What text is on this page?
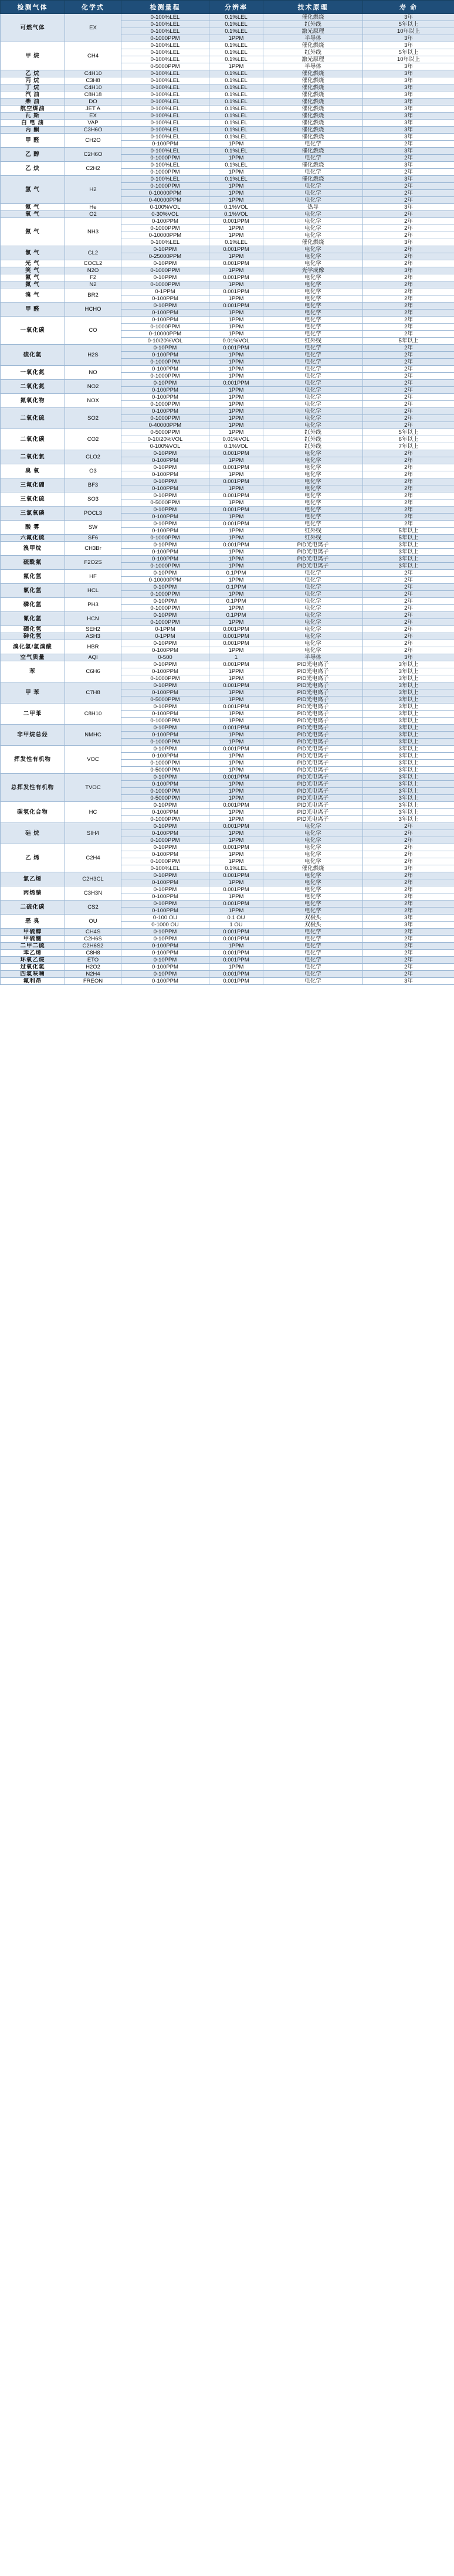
检测气体	化学式	检测量程	分辨率	技术原理	寿 命
可燃气体	EX	0-100%LEL	0.1%LEL	催化燃烧	3年
		0-100%LEL	0.1%LEL	红外线	5年以上
		0-100%LEL	0.1%LEL	激光原理	10年以上
		0-1000PPM	1PPM	半导体	3年
甲 烷	CH4	0-100%LEL	0.1%LEL	催化燃烧	3年
		0-100%LEL	0.1%LEL	红外线	5年以上
		0-100%LEL	0.1%LEL	激光原理	10年以上
		0-5000PPM	1PPM	半导体	3年
乙 烷	C4H10	0-100%LEL	0.1%LEL	催化燃烧	3年
丙 烷	C3H8	0-100%LEL	0.1%LEL	催化燃烧	3年
丁 烷	C4H10	0-100%LEL	0.1%LEL	催化燃烧	3年
汽 油	C8H18	0-100%LEL	0.1%LEL	催化燃烧	3年
柴 油	DO	0-100%LEL	0.1%LEL	催化燃烧	3年
航空煤油	JET A	0-100%LEL	0.1%LEL	催化燃烧	3年
瓦 斯	EX	0-100%LEL	0.1%LEL	催化燃烧	3年
白 电 油	VAP	0-100%LEL	0.1%LEL	催化燃烧	3年
丙 酮	C3H6O	0-100%LEL	0.1%LEL	催化燃烧	3年
甲 醛	CH2O	0-100%LEL	0.1%LEL	催化燃烧	3年
		0-100PPM	1PPM	电化学	2年
乙 醇	C2H6O	0-100%LEL	0.1%LEL	催化燃烧	3年
		0-1000PPM	1PPM	电化学	2年
乙 炔	C2H2	0-100%LEL	0.1%LEL	催化燃烧	3年
		0-1000PPM	1PPM	电化学	2年
氢 气	H2	0-100%LEL	0.1%LEL	催化燃烧	3年
		0-1000PPM	1PPM	电化学	2年
		0-10000PPM	1PPM	电化学	2年
		0-40000PPM	1PPM	电化学	2年
氦 气	He	0-100%VOL	0.1%VOL	热导	3年
氧 气	O2	0-30%VOL	0.1%VOL	电化学	2年
氨 气	NH3	0-100PPM	0.001PPM	电化学	2年
		0-1000PPM	1PPM	电化学	2年
		0-10000PPM	1PPM	电化学	2年
		0-100%LEL	0.1%LEL	催化燃烧	3年
氯 气	CL2	0-10PPM	0.001PPM	电化学	2年
		0-25000PPM	1PPM	电化学	2年
光 气	COCL2	0-10PPM	0.001PPM	电化学	2年
笑 气	N2O	0-1000PPM	1PPM	光学成像	3年
氟 气	F2	0-10PPM	0.001PPM	电化学	2年
氮 气	N2	0-1000PPM	1PPM	电化学	2年
溴 气	BR2	0-1PPM	0.001PPM	电化学	2年
		0-100PPM	1PPM	电化学	2年
甲 醛	HCHO	0-10PPM	0.001PPM	电化学	2年
		0-100PPM	1PPM	电化学	2年
一氧化碳	CO	0-100PPM	1PPM	电化学	2年
		0-1000PPM	1PPM	电化学	2年
		0-10000PPM	1PPM	电化学	2年
		0-10/20%VOL	0.01%VOL	红外线	5年以上
硫化氢	H2S	0-10PPM	0.001PPM	电化学	2年
		0-100PPM	1PPM	电化学	2年
		0-1000PPM	1PPM	电化学	2年
一氧化氮	NO	0-100PPM	1PPM	电化学	2年
		0-1000PPM	1PPM	电化学	2年
二氧化氮	NO2	0-10PPM	0.001PPM	电化学	2年
		0-100PPM	1PPM	电化学	2年
氮氧化物	NOX	0-100PPM	1PPM	电化学	2年
		0-1000PPM	1PPM	电化学	2年
二氧化硫	SO2	0-100PPM	1PPM	电化学	2年
		0-1000PPM	1PPM	电化学	2年
		0-40000PPM	1PPM	电化学	2年
二氧化碳	CO2	0-5000PPM	1PPM	红外线	5年以上
		0-10/20%VOL	0.01%VOL	红外线	6年以上
		0-100%VOL	0.1%VOL	红外线	7年以上
二氧化氯	CLO2	0-10PPM	0.001PPM	电化学	2年
		0-100PPM	1PPM	电化学	2年
臭 氧	O3	0-10PPM	0.001PPM	电化学	2年
		0-100PPM	1PPM	电化学	2年
三氟化硼	BF3	0-10PPM	0.001PPM	电化学	2年
		0-100PPM	1PPM	电化学	2年
三氧化硫	SO3	0-10PPM	0.001PPM	电化学	2年
		0-5000PPM	1PPM	电化学	2年
三氯氧磷	POCL3	0-10PPM	0.001PPM	电化学	2年
		0-100PPM	1PPM	电化学	2年
酸 雾	SW	0-10PPM	0.001PPM	电化学	2年
		0-100PPM	1PPM	红外线	5年以上
六氟化硫	SF6	0-1000PPM	1PPM	红外线	5年以上
溴甲烷	CH3Br	0-10PPM	0.001PPM	PID光电离子	3年以上
		0-100PPM	1PPM	PID光电离子	3年以上
硫酰氟	F2O2S	0-100PPM	1PPM	PID光电离子	3年以上
		0-1000PPM	1PPM	PID光电离子	3年以上
氟化氢	HF	0-10PPM	0.1PPM	电化学	2年
		0-10000PPM	1PPM	电化学	2年
氯化氢	HCL	0-10PPM	0.1PPM	电化学	2年
		0-1000PPM	1PPM	电化学	2年
磷化氢	PH3	0-10PPM	0.1PPM	电化学	2年
		0-1000PPM	1PPM	电化学	2年
氰化氢	HCN	0-10PPM	0.1PPM	电化学	2年
		0-1000PPM	1PPM	电化学	2年
硒化氢	SEH2	0-1PPM	0.001PPM	电化学	2年
砷化氢	ASH3	0-1PPM	0.001PPM	电化学	2年
溴化氢/氢溴酸	HBR	0-10PPM	0.001PPM	电化学	2年
		0-100PPM	1PPM	电化学	2年
空气质量	AQI	0-500	1	半导体	3年
苯	C6H6	0-10PPM	0.001PPM	PID光电离子	3年以上
		0-100PPM	1PPM	PID光电离子	3年以上
		0-1000PPM	1PPM	PID光电离子	3年以上
甲 苯	C7H8	0-10PPM	0.001PPM	PID光电离子	3年以上
		0-100PPM	1PPM	PID光电离子	3年以上
		0-5000PPM	1PPM	PID光电离子	3年以上
二甲苯	C8H10	0-10PPM	0.001PPM	PID光电离子	3年以上
		0-100PPM	1PPM	PID光电离子	3年以上
		0-1000PPM	1PPM	PID光电离子	3年以上
非甲烷总烃	NMHC	0-10PPM	0.001PPM	PID光电离子	3年以上
		0-100PPM	1PPM	PID光电离子	3年以上
		0-1000PPM	1PPM	PID光电离子	3年以上
挥发性有机物	VOC	0-10PPM	0.001PPM	PID光电离子	3年以上
		0-100PPM	1PPM	PID光电离子	3年以上
		0-1000PPM	1PPM	PID光电离子	3年以上
		0-5000PPM	1PPM	PID光电离子	3年以上
总挥发性有机物	TVOC	0-10PPM	0.001PPM	PID光电离子	3年以上
		0-100PPM	1PPM	PID光电离子	3年以上
		0-1000PPM	1PPM	PID光电离子	3年以上
		0-5000PPM	1PPM	PID光电离子	3年以上
碳氢化合物	HC	0-10PPM	0.001PPM	PID光电离子	3年以上
		0-100PPM	1PPM	PID光电离子	3年以上
		0-1000PPM	1PPM	PID光电离子	3年以上
硅 烷	SIH4	0-10PPM	0.001PPM	电化学	2年
		0-100PPM	1PPM	电化学	2年
		0-1000PPM	1PPM	电化学	2年
乙 烯	C2H4	0-10PPM	0.001PPM	电化学	2年
		0-100PPM	1PPM	电化学	2年
		0-1000PPM	1PPM	电化学	2年
		0-100%LEL	0.1%LEL	催化燃烧	3年
氯乙烯	C2H3CL	0-10PPM	0.001PPM	电化学	2年
		0-100PPM	1PPM	电化学	2年
丙烯腈	C3H3N	0-10PPM	0.001PPM	电化学	2年
		0-100PPM	1PPM	电化学	2年
二硫化碳	CS2	0-10PPM	0.001PPM	电化学	2年
		0-100PPM	1PPM	电化学	2年
恶 臭	OU	0-100 OU	0.1 OU	双极头	3年
		0-1000 OU	1 OU	双极头	3年
甲硫醇	CH4S	0-10PPM	0.001PPM	电化学	2年
甲硫醚	C2H6S	0-10PPM	0.001PPM	电化学	2年
二甲二硫	C2H6S2	0-100PPM	1PPM	电化学	2年
苯乙烯	C8H8	0-100PPM	0.001PPM	电化学	2年
环氧乙烷	ETO	0-10PPM	0.001PPM	电化学	2年
过氧化氢	H2O2	0-100PPM	1PPM	电化学	2年
四氢呋喃	N2H4	0-10PPM	0.001PPM	电化学	2年
氟利昂	FREON	0-100PPM	0.001PPM	电化学	3年
